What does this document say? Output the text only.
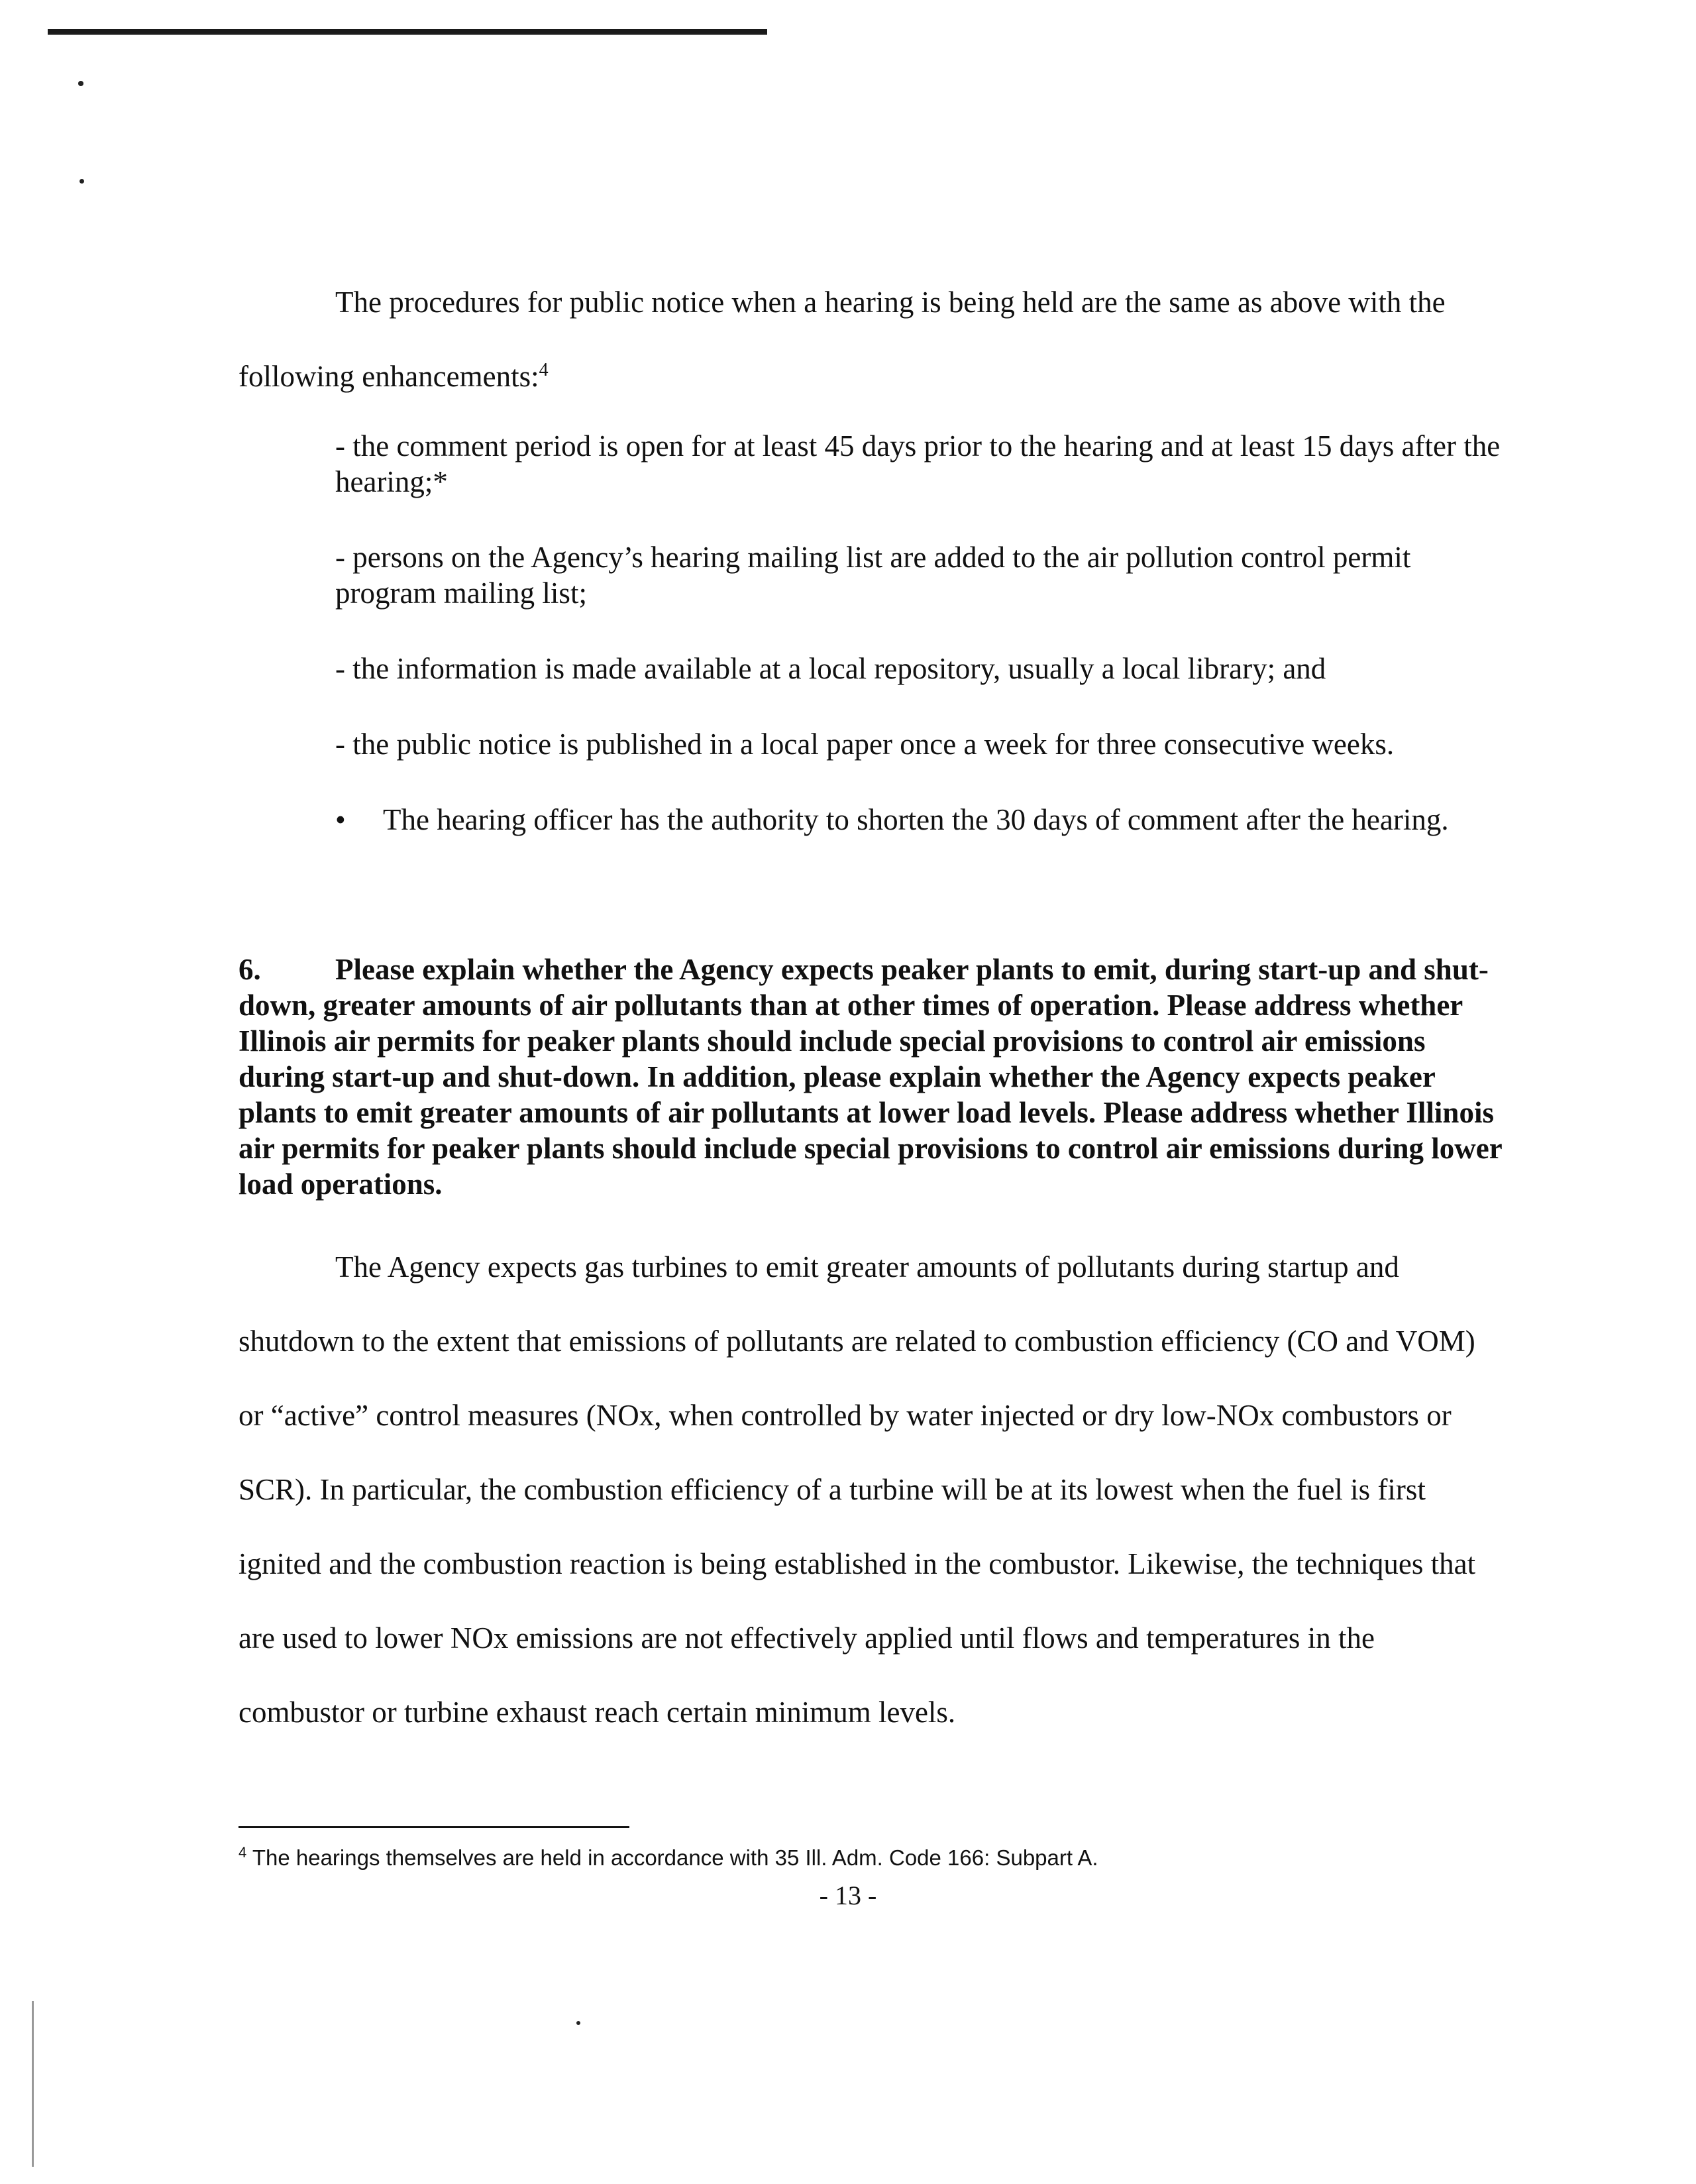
The procedures for public notice when a hearing is being held are the same as above with the following enhancements:$^4$
- the comment period is open for at least 45 days prior to the hearing and at least 15 days after the hearing;*
- persons on the Agency’s hearing mailing list are added to the air pollution control permit program mailing list;
- the information is made available at a local repository, usually a local library; and
- the public notice is published in a local paper once a week for three consecutive weeks.
• The hearing officer has the authority to shorten the 30 days of comment after the hearing.
6.	Please explain whether the Agency expects peaker plants to emit, during start-up and shut-down, greater amounts of air pollutants than at other times of operation. Please address whether Illinois air permits for peaker plants should include special provisions to control air emissions during start-up and shut-down. In addition, please explain whether the Agency expects peaker plants to emit greater amounts of air pollutants at lower load levels. Please address whether Illinois air permits for peaker plants should include special provisions to control air emissions during lower load operations.
The Agency expects gas turbines to emit greater amounts of pollutants during startup and shutdown to the extent that emissions of pollutants are related to combustion efficiency (CO and VOM) or “active” control measures (NOx, when controlled by water injected or dry low-NOx combustors or SCR). In particular, the combustion efficiency of a turbine will be at its lowest when the fuel is first ignited and the combustion reaction is being established in the combustor. Likewise, the techniques that are used to lower NOx emissions are not effectively applied until flows and temperatures in the combustor or turbine exhaust reach certain minimum levels.
$^4$ The hearings themselves are held in accordance with 35 Ill. Adm. Code 166: Subpart A.
- 13 -
